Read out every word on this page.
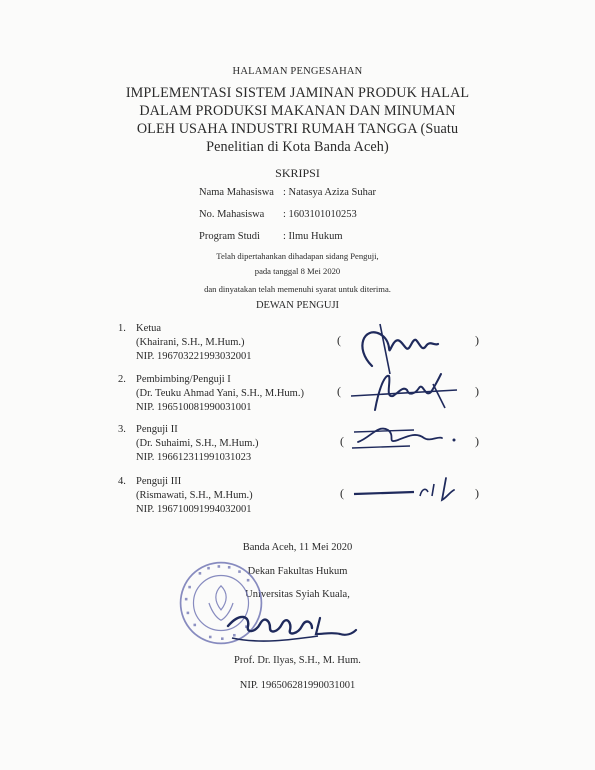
HALAMAN PENGESAHAN
IMPLEMENTASI SISTEM JAMINAN PRODUK HALAL
DALAM PRODUKSI MAKANAN DAN MINUMAN
OLEH USAHA INDUSTRI RUMAH TANGGA (Suatu
Penelitian di Kota Banda Aceh)
SKRIPSI
Nama Mahasiswa : Natasya Aziza Suhar
No. Mahasiswa : 1603101010253
Program Studi : Ilmu Hukum
Telah dipertahankan dihadapan sidang Penguji,
pada tanggal 8 Mei 2020
dan dinyatakan telah memenuhi syarat untuk diterima.
DEWAN PENGUJI
1. Ketua
(Khairani, S.H., M.Hum.)
NIP. 196703221993032001
(	)
2. Pembimbing/Penguji I
(Dr. Teuku Ahmad Yani, S.H., M.Hum.)
NIP. 196510081990031001
(	)
3. Penguji II
(Dr. Suhaimi, S.H., M.Hum.)
NIP. 196612311991031023
(	)
4. Penguji III
(Rismawati, S.H., M.Hum.)
NIP. 196710091994032001
(	)
Banda Aceh, 11 Mei 2020
Dekan Fakultas Hukum
Universitas Syiah Kuala,
Prof. Dr. Ilyas, S.H., M. Hum.
NIP. 196506281990031001
